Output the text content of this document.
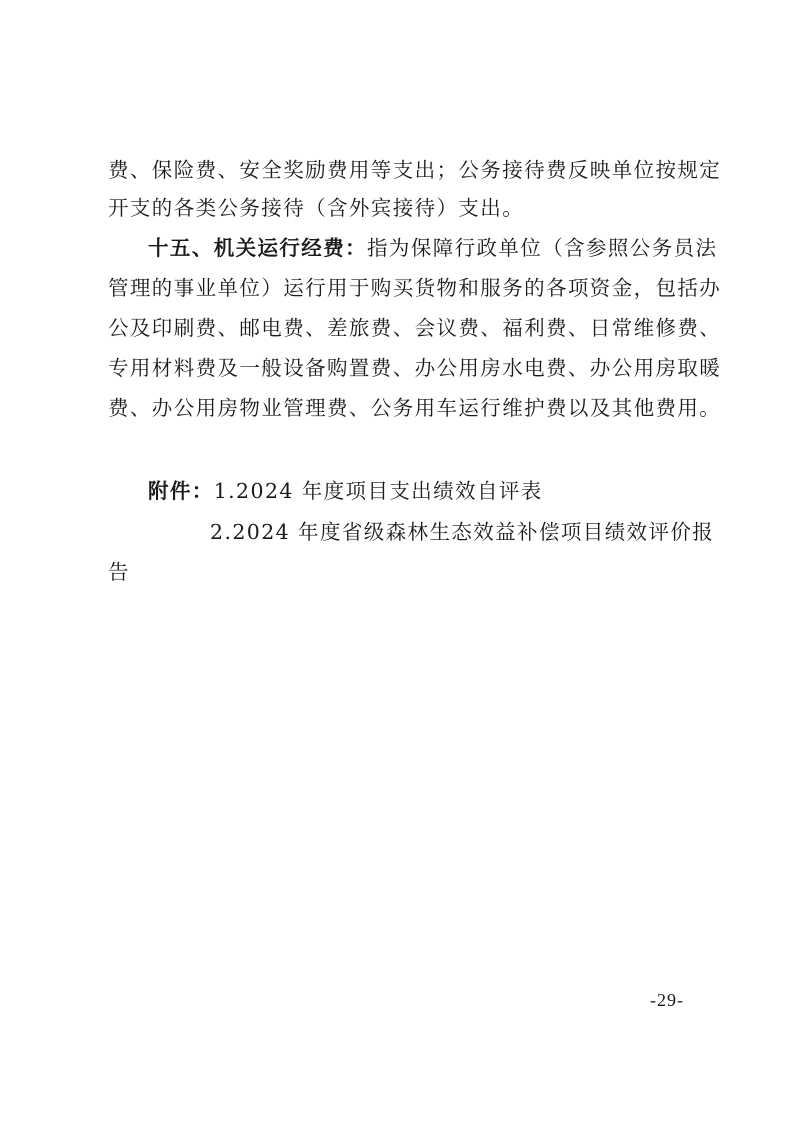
费、保险费、安全奖励费用等支出；公务接待费反映单位按规定
开支的各类公务接待（含外宾接待）支出。
十五、机关运行经费：指为保障行政单位（含参照公务员法
管理的事业单位）运行用于购买货物和服务的各项资金，包括办
公及印刷费、邮电费、差旅费、会议费、福利费、日常维修费、
专用材料费及一般设备购置费、办公用房水电费、办公用房取暖
费、办公用房物业管理费、公务用车运行维护费以及其他费用。
附件：1.2024 年度项目支出绩效自评表
2.2024 年度省级森林生态效益补偿项目绩效评价报
告
-29-
